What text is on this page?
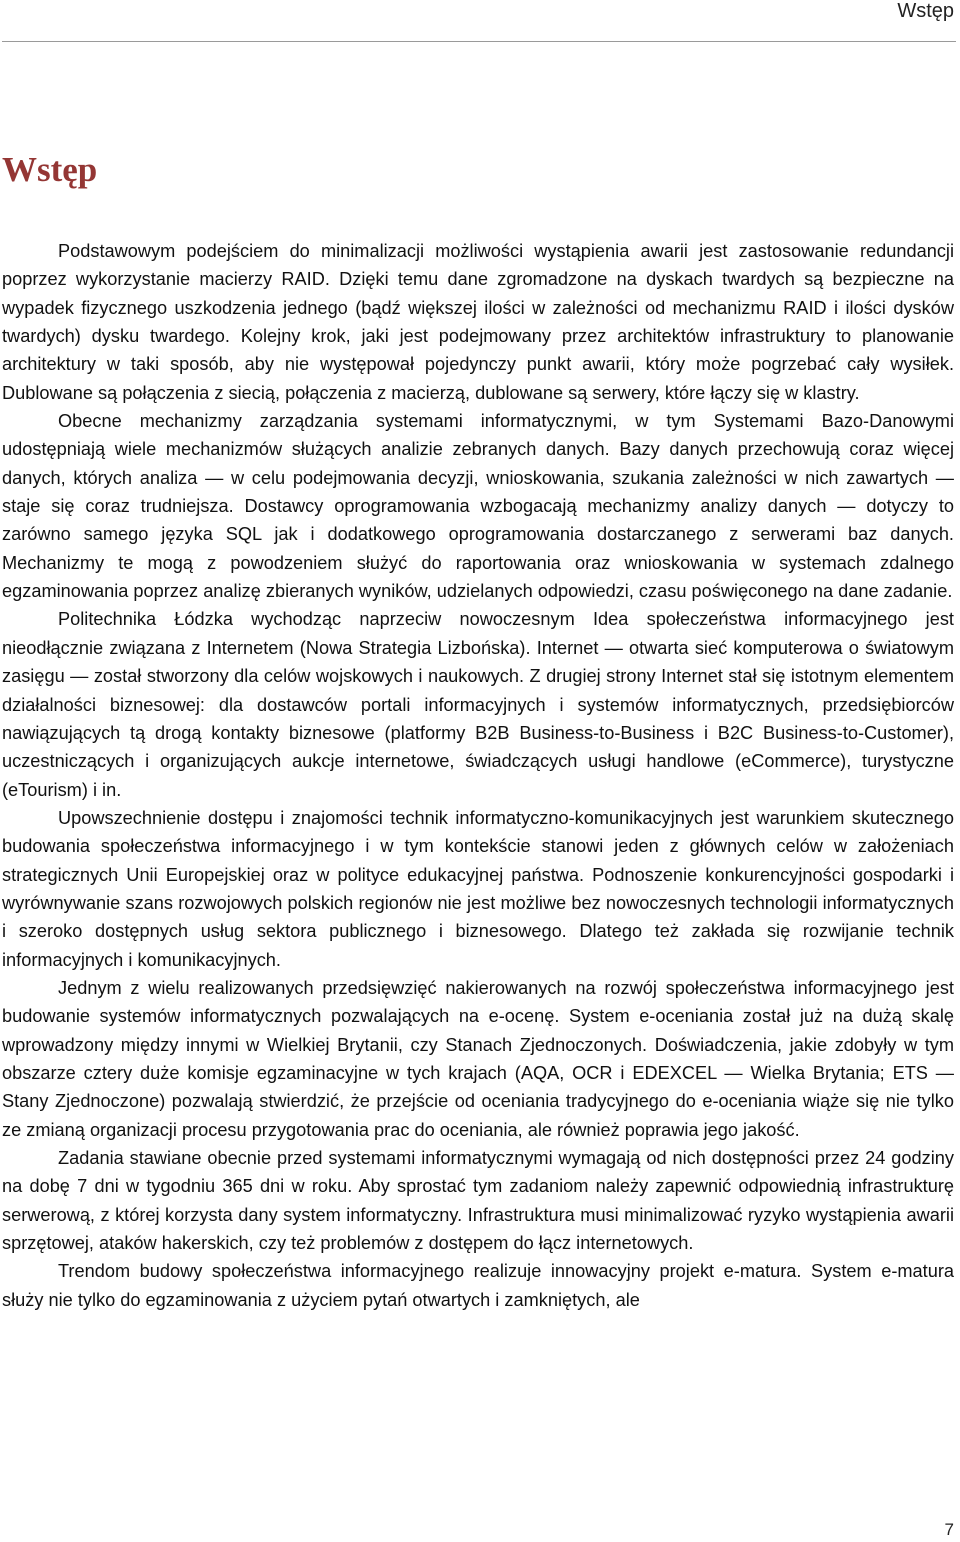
Wstęp
Wstęp

Podstawowym podejściem do minimalizacji możliwości wystąpienia awarii jest zastosowanie redundancji poprzez wykorzystanie macierzy RAID. Dzięki temu dane zgromadzone na dyskach twardych są bezpieczne na wypadek fizycznego uszkodzenia jednego (bądź większej ilości w zależności od mechanizmu RAID i ilości dysków twardych) dysku twardego. Kolejny krok, jaki jest podejmowany przez architektów infrastruktury to planowanie architektury w taki sposób, aby nie występował pojedynczy punkt awarii, który może pogrzebać cały wysiłek. Dublowane są połączenia z siecią, połączenia z macierzą, dublowane są serwery, które łączy się w klastry.

Obecne mechanizmy zarządzania systemami informatycznymi, w tym Systemami Bazo-Danowymi udostępniają wiele mechanizmów służących analizie zebranych danych. Bazy danych przechowują coraz więcej danych, których analiza — w celu podejmowania decyzji, wnioskowania, szukania zależności w nich zawartych — staje się coraz trudniejsza. Dostawcy oprogramowania wzbogacają mechanizmy analizy danych — dotyczy to zarówno samego języka SQL jak i dodatkowego oprogramowania dostarczanego z serwerami baz danych. Mechanizmy te mogą z powodzeniem służyć do raportowania oraz wnioskowania w systemach zdalnego egzaminowania poprzez analizę zbieranych wyników, udzielanych odpowiedzi, czasu poświęconego na dane zadanie.

Politechnika Łódzka wychodząc naprzeciw nowoczesnym Idea społeczeństwa informacyjnego jest nieodłącznie związana z Internetem (Nowa Strategia Lizbońska). Internet — otwarta sieć komputerowa o światowym zasięgu — został stworzony dla celów wojskowych i naukowych. Z drugiej strony Internet stał się istotnym elementem działalności biznesowej: dla dostawców portali informacyjnych i systemów informatycznych, przedsiębiorców nawiązujących tą drogą kontakty biznesowe (platformy B2B Business-to-Business i B2C Business-to-Customer), uczestniczących i organizujących aukcje internetowe, świadczących usługi handlowe (eCommerce), turystyczne (eTourism) i in.

Upowszechnienie dostępu i znajomości technik informatyczno-komunikacyjnych jest warunkiem skutecznego budowania społeczeństwa informacyjnego i w tym kontekście stanowi jeden z głównych celów w założeniach strategicznych Unii Europejskiej oraz w polityce edukacyjnej państwa. Podnoszenie konkurencyjności gospodarki i wyrównywanie szans rozwojowych polskich regionów nie jest możliwe bez nowoczesnych technologii informatycznych i szeroko dostępnych usług sektora publicznego i biznesowego. Dlatego też zakłada się rozwijanie technik informacyjnych i komunikacyjnych.

Jednym z wielu realizowanych przedsięwzięć nakierowanych na rozwój społeczeństwa informacyjnego jest budowanie systemów informatycznych pozwalających na e-ocenę. System e-oceniania został już na dużą skalę wprowadzony między innymi w Wielkiej Brytanii, czy Stanach Zjednoczonych. Doświadczenia, jakie zdobyły w tym obszarze cztery duże komisje egzaminacyjne w tych krajach (AQA, OCR i EDEXCEL — Wielka Brytania; ETS — Stany Zjednoczone) pozwalają stwierdzić, że przejście od oceniania tradycyjnego do e-oceniania wiąże się nie tylko ze zmianą organizacji procesu przygotowania prac do oceniania, ale również poprawia jego jakość.

Zadania stawiane obecnie przed systemami informatycznymi wymagają od nich dostępności przez 24 godziny na dobę 7 dni w tygodniu 365 dni w roku. Aby sprostać tym zadaniom należy zapewnić odpowiednią infrastrukturę serwerową, z której korzysta dany system informatyczny. Infrastruktura musi minimalizować ryzyko wystąpienia awarii sprzętowej, ataków hakerskich, czy też problemów z dostępem do łącz internetowych.

Trendom budowy społeczeństwa informacyjnego realizuje innowacyjny projekt e-matura. System e-matura służy nie tylko do egzaminowania z użyciem pytań otwartych i zamkniętych, ale

7
